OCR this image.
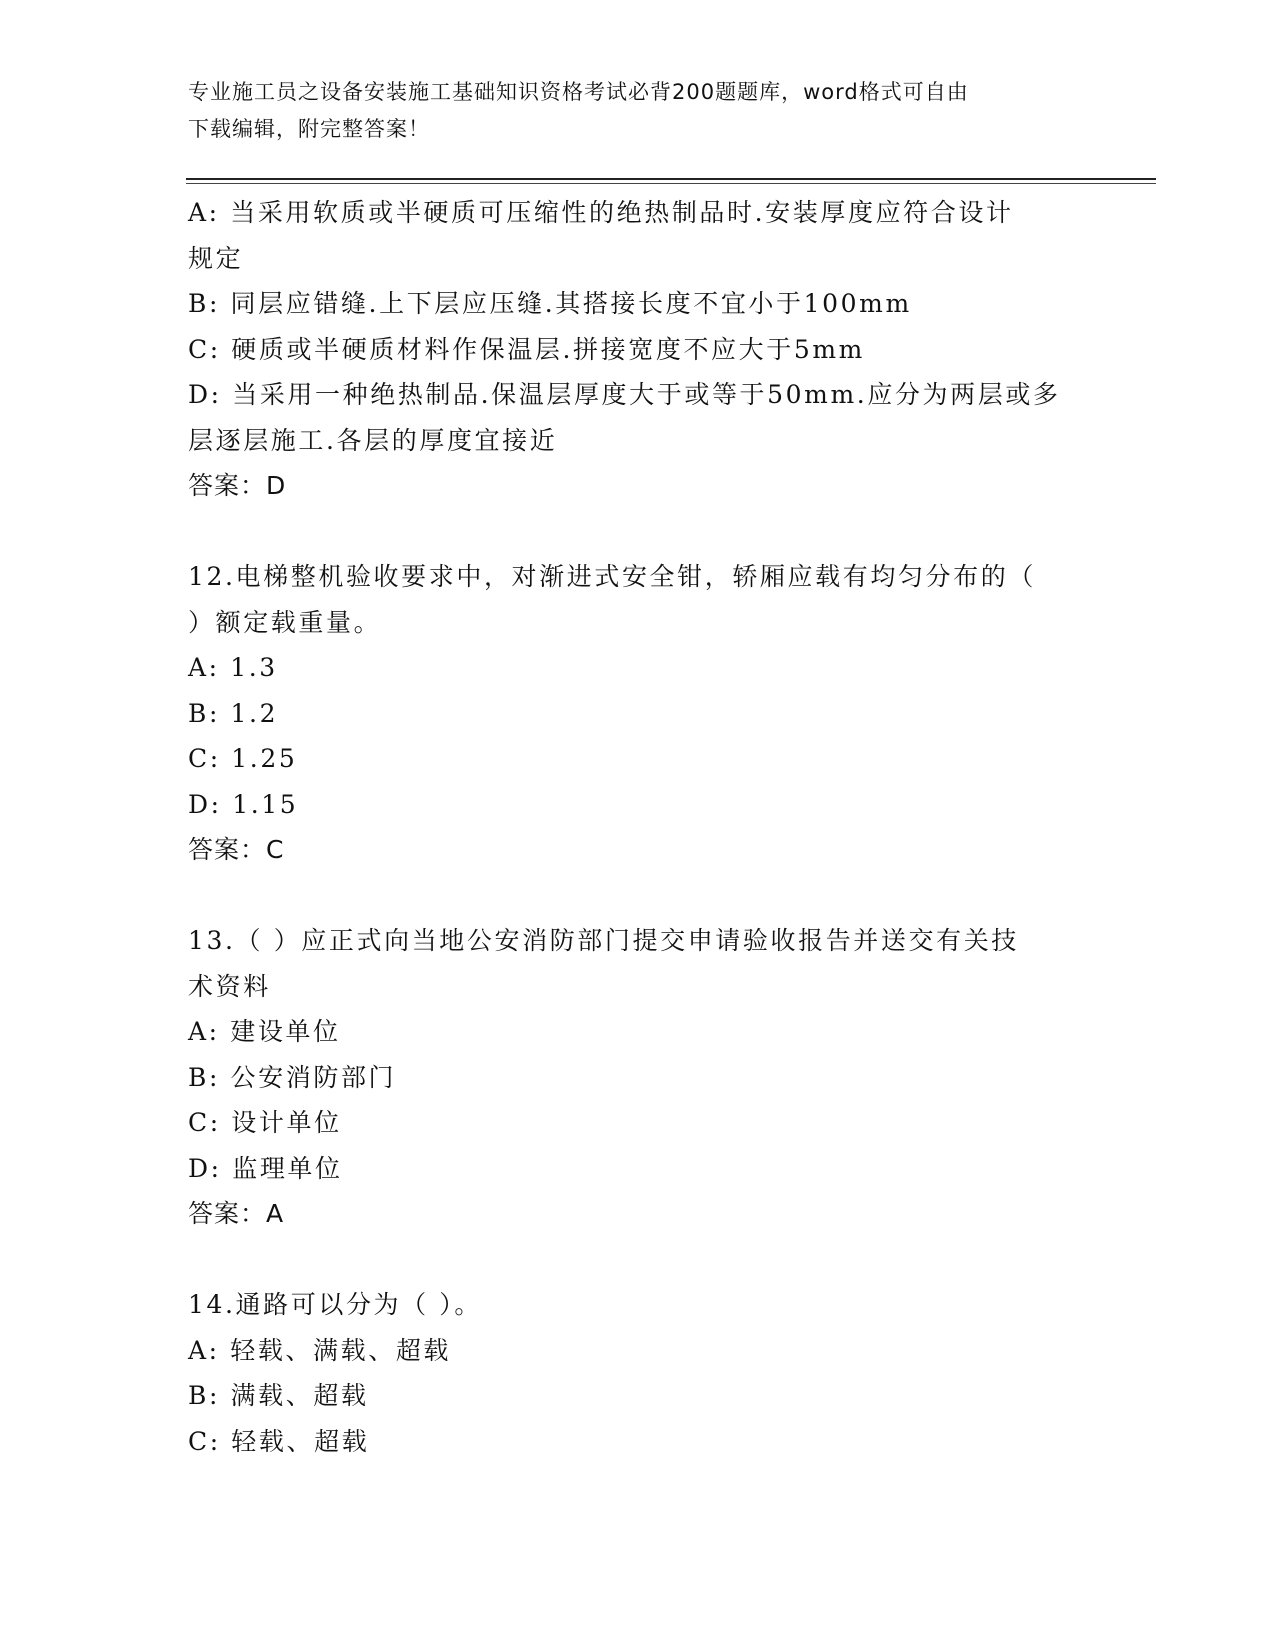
专业施工员之设备安装施工基础知识资格考试必背200题题库，word格式可自由
下载编辑，附完整答案！
A: 当采用软质或半硬质可压缩性的绝热制品时.安装厚度应符合设计
规定
B: 同层应错缝.上下层应压缝.其搭接长度不宜小于100mm
C: 硬质或半硬质材料作保温层.拼接宽度不应大于5mm
D: 当采用一种绝热制品.保温层厚度大于或等于50mm.应分为两层或多
层逐层施工.各层的厚度宜接近
答案：D
12.电梯整机验收要求中，对渐进式安全钳，轿厢应载有均匀分布的（
）额定载重量。
A: 1.3
B: 1.2
C: 1.25
D: 1.15
答案：C
13.（ ）应正式向当地公安消防部门提交申请验收报告并送交有关技
术资料
A: 建设单位
B: 公安消防部门
C: 设计单位
D: 监理单位
答案：A
14.通路可以分为（ ）。
A: 轻载、满载、超载
B: 满载、超载
C: 轻载、超载
